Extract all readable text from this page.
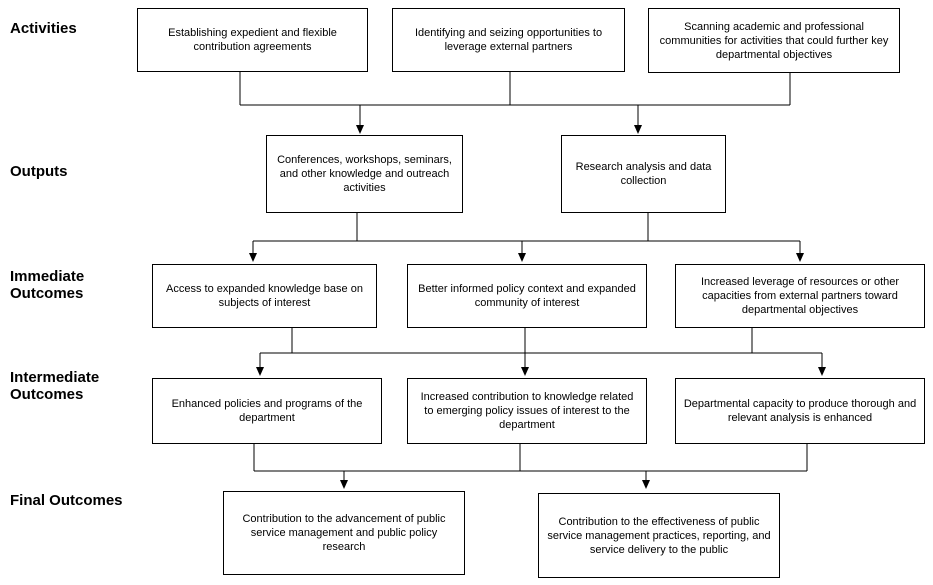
Activities
Outputs
Immediate Outcomes
Intermediate Outcomes
Final Outcomes
Establishing expedient and flexible contribution agreements
Identifying and seizing opportunities to leverage external partners
Scanning academic and professional communities for activities that could further key departmental objectives
Conferences, workshops, seminars, and other knowledge and outreach activities
Research analysis and data collection
Access to expanded knowledge base on subjects of interest
Better informed policy context and expanded community of interest
Increased leverage of resources or other capacities from external partners toward departmental objectives
Enhanced policies and programs of the department
Increased contribution to knowledge related to emerging policy issues of interest to the department
Departmental capacity to produce thorough and relevant analysis is enhanced
Contribution to the advancement of public service management and public policy research
Contribution to the effectiveness of public service management practices, reporting, and service delivery to the public
